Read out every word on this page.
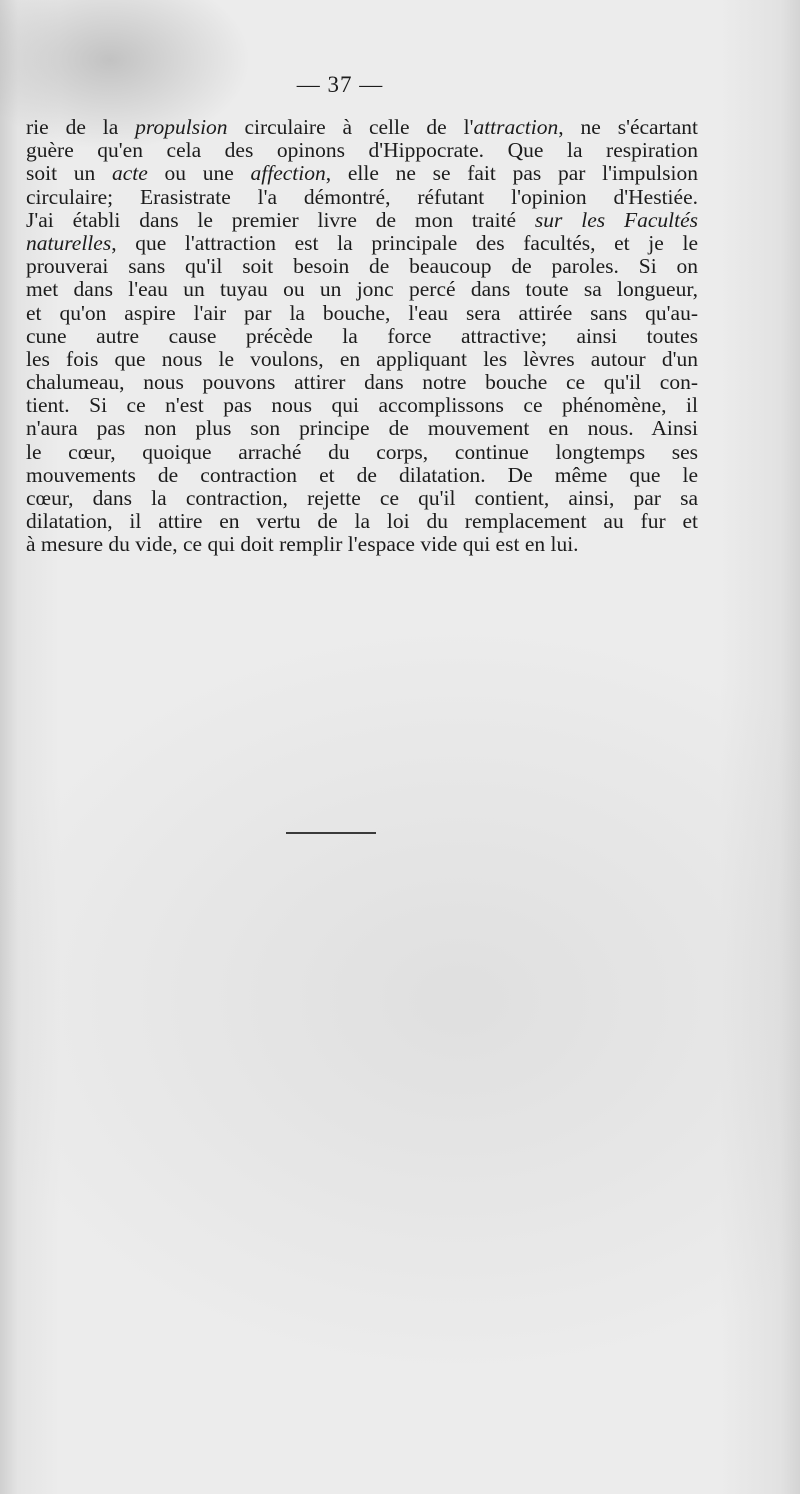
— 37 —
rie de la propulsion circulaire à celle de l'attraction, ne s'écartant
guère qu'en cela des opinons d'Hippocrate. Que la respiration
soit un acte ou une affection, elle ne se fait pas par l'impulsion
circulaire; Erasistrate l'a démontré, réfutant l'opinion d'Hestiée.
J'ai établi dans le premier livre de mon traité sur les Facultés
naturelles, que l'attraction est la principale des facultés, et je le
prouverai sans qu'il soit besoin de beaucoup de paroles. Si on
met dans l'eau un tuyau ou un jonc percé dans toute sa longueur,
et qu'on aspire l'air par la bouche, l'eau sera attirée sans qu'au-
cune autre cause précède la force attractive; ainsi toutes
les fois que nous le voulons, en appliquant les lèvres autour d'un
chalumeau, nous pouvons attirer dans notre bouche ce qu'il con-
tient. Si ce n'est pas nous qui accomplissons ce phénomène, il
n'aura pas non plus son principe de mouvement en nous. Ainsi
le cœur, quoique arraché du corps, continue longtemps ses
mouvements de contraction et de dilatation. De même que le
cœur, dans la contraction, rejette ce qu'il contient, ainsi, par sa
dilatation, il attire en vertu de la loi du remplacement au fur et
à mesure du vide, ce qui doit remplir l'espace vide qui est en lui.
